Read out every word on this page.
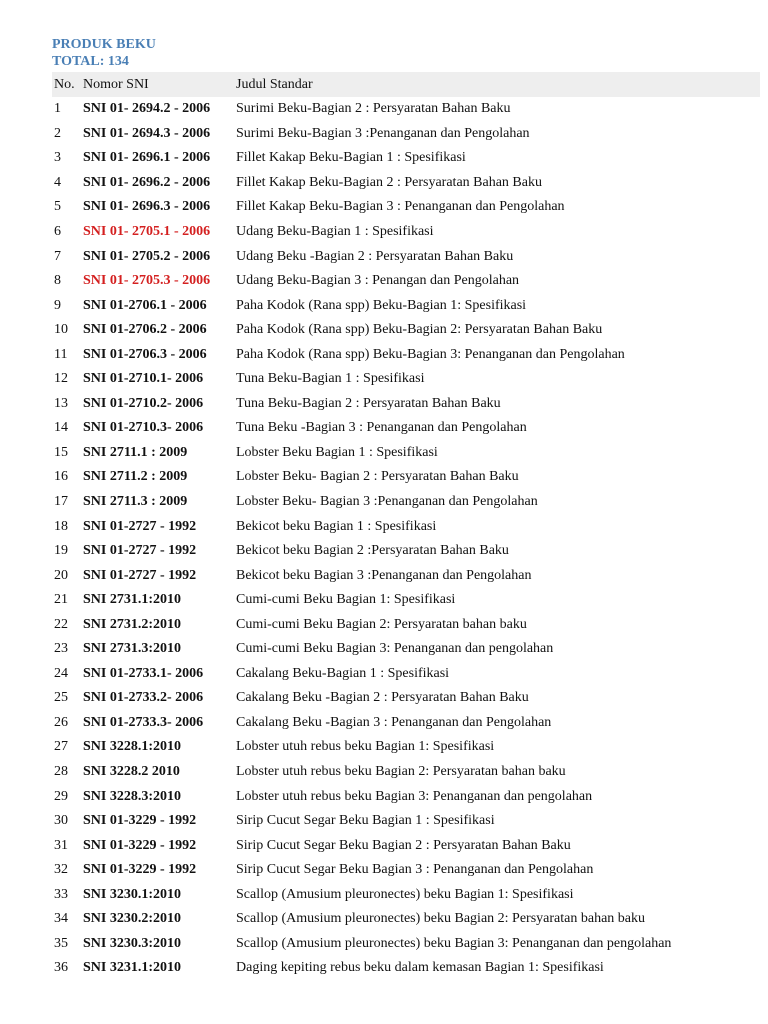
PRODUK BEKU
TOTAL: 134
No.	Nomor SNI	Judul Standar
1	SNI 01- 2694.2 - 2006	Surimi Beku-Bagian 2 : Persyaratan Bahan Baku
2	SNI 01- 2694.3 - 2006	Surimi Beku-Bagian 3 :Penanganan dan Pengolahan
3	SNI 01- 2696.1 - 2006	Fillet Kakap Beku-Bagian 1 : Spesifikasi
4	SNI 01- 2696.2 - 2006	Fillet Kakap Beku-Bagian 2 : Persyaratan Bahan Baku
5	SNI 01- 2696.3 - 2006	Fillet Kakap Beku-Bagian 3 : Penanganan dan Pengolahan
6	SNI 01- 2705.1 - 2006	Udang Beku-Bagian 1 : Spesifikasi
7	SNI 01- 2705.2 - 2006	Udang Beku -Bagian 2 : Persyaratan Bahan Baku
8	SNI 01- 2705.3 - 2006	Udang Beku-Bagian 3 : Penangan dan Pengolahan
9	SNI 01-2706.1 - 2006	Paha Kodok (Rana spp) Beku-Bagian 1: Spesifikasi
10	SNI 01-2706.2 - 2006	Paha Kodok (Rana spp) Beku-Bagian 2: Persyaratan Bahan Baku
11	SNI 01-2706.3 - 2006	Paha Kodok (Rana spp) Beku-Bagian 3: Penanganan dan Pengolahan
12	SNI 01-2710.1- 2006	Tuna Beku-Bagian 1 : Spesifikasi
13	SNI 01-2710.2- 2006	Tuna Beku-Bagian 2 : Persyaratan Bahan Baku
14	SNI 01-2710.3- 2006	Tuna Beku -Bagian 3 : Penanganan dan Pengolahan
15	SNI 2711.1 : 2009	Lobster Beku Bagian 1 : Spesifikasi
16	SNI 2711.2 : 2009	Lobster Beku- Bagian 2 : Persyaratan Bahan Baku
17	SNI 2711.3 : 2009	Lobster Beku- Bagian 3 :Penanganan dan Pengolahan
18	SNI 01-2727 - 1992	Bekicot beku Bagian 1 : Spesifikasi
19	SNI 01-2727 - 1992	Bekicot beku Bagian 2 :Persyaratan Bahan Baku
20	SNI 01-2727 - 1992	Bekicot beku Bagian 3 :Penanganan dan Pengolahan
21	SNI 2731.1:2010	Cumi-cumi Beku Bagian 1: Spesifikasi
22	SNI 2731.2:2010	Cumi-cumi Beku Bagian 2: Persyaratan bahan baku
23	SNI 2731.3:2010	Cumi-cumi Beku Bagian 3: Penanganan dan pengolahan
24	SNI 01-2733.1- 2006	Cakalang Beku-Bagian 1 : Spesifikasi
25	SNI 01-2733.2- 2006	Cakalang Beku -Bagian 2 : Persyaratan Bahan Baku
26	SNI 01-2733.3- 2006	Cakalang Beku -Bagian 3 : Penanganan dan Pengolahan
27	SNI 3228.1:2010	Lobster utuh rebus beku Bagian 1: Spesifikasi
28	SNI 3228.2 2010	Lobster utuh rebus beku Bagian 2: Persyaratan bahan baku
29	SNI 3228.3:2010	Lobster utuh rebus beku Bagian 3: Penanganan dan pengolahan
30	SNI 01-3229 - 1992	Sirip Cucut Segar Beku Bagian 1 : Spesifikasi
31	SNI 01-3229 - 1992	Sirip Cucut Segar Beku Bagian 2 : Persyaratan Bahan Baku
32	SNI 01-3229 - 1992	Sirip Cucut Segar Beku Bagian 3 : Penanganan dan Pengolahan
33	SNI 3230.1:2010	Scallop (Amusium pleuronectes) beku Bagian 1: Spesifikasi
34	SNI 3230.2:2010	Scallop (Amusium pleuronectes) beku Bagian 2: Persyaratan bahan baku
35	SNI 3230.3:2010	Scallop (Amusium pleuronectes) beku Bagian 3: Penanganan dan pengolahan
36	SNI 3231.1:2010	Daging kepiting rebus beku dalam kemasan Bagian 1: Spesifikasi
